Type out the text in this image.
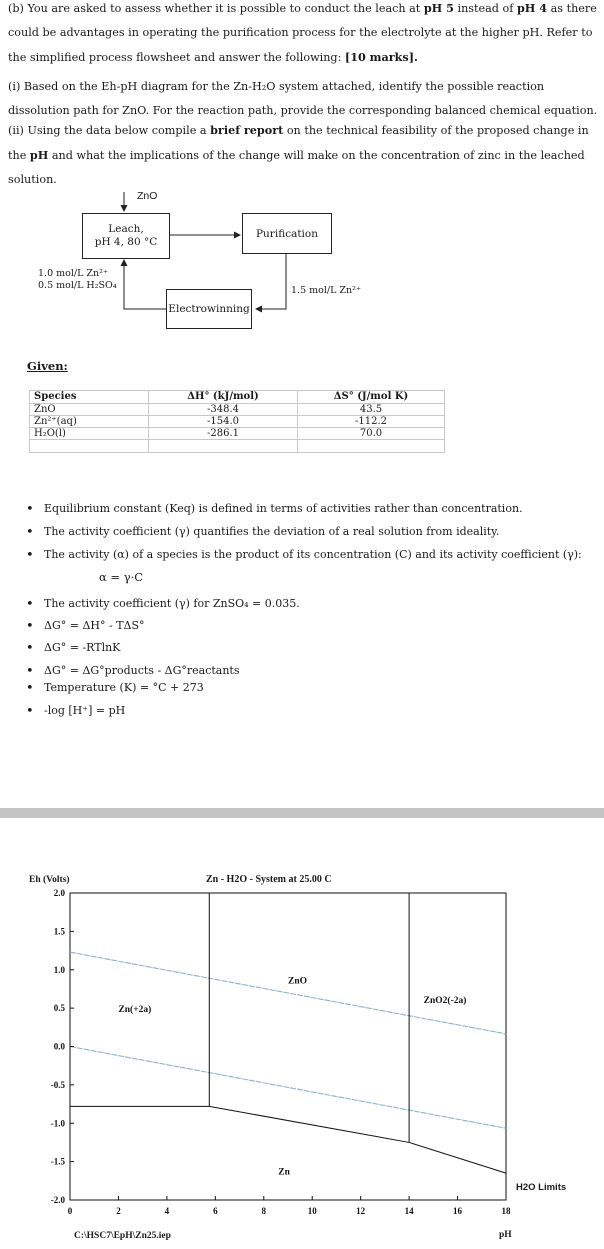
(b) You are asked to assess whether it is possible to conduct the leach at pH 5 instead of pH 4 as there could be advantages in operating the purification process for the electrolyte at the higher pH. Refer to the simplified process flowsheet and answer the following: [10 marks].
(i) Based on the Eh-pH diagram for the Zn-H₂O system attached, identify the possible reaction dissolution path for ZnO. For the reaction path, provide the corresponding balanced chemical equation.
(ii) Using the data below compile a brief report on the technical feasibility of the proposed change in the pH and what the implications of the change will make on the concentration of zinc in the leached solution.
ZnO
Leach,
pH 4, 80 °C
Purification
Electrowinning
1.0 mol/L Zn²⁺
0.5 mol/L H₂SO₄	1.5 mol/L Zn²⁺
Given:
Species	ΔH° (kJ/mol)	ΔS° (J/mol K)
ZnO	-348.4	43.5
Zn²⁺(aq)	-154.0	-112.2
H₂O(l)	-286.1	70.0

• Equilibrium constant (Keq) is defined in terms of activities rather than concentration.
• The activity coefficient (γ) quantifies the deviation of a real solution from ideality.
• The activity (α) of a species is the product of its concentration (C) and its activity coefficient (γ):
• The activity coefficient (γ) for ZnSO₄ = 0.035.
• ΔG° = ΔH° - TΔS°
• ΔG° = -RTlnK
• ΔG° = ΔG°products - ΔG°reactants
• Temperature (K) = °C + 273
• -log [H⁺] = pH
α = γ·C
Zn - H2O - System at 25.00 C
Eh (Volts)
H2O Limits
pH
C:\HSC7\EpH\Zn25.iep
Zn(+2a)
ZnO
ZnO2(-2a)
Zn
2.0
1.5
1.0
0.5
0.0
-0.5
-1.0
-1.5
-2.0
0	2	4	6	8	10	12	14	16	18
